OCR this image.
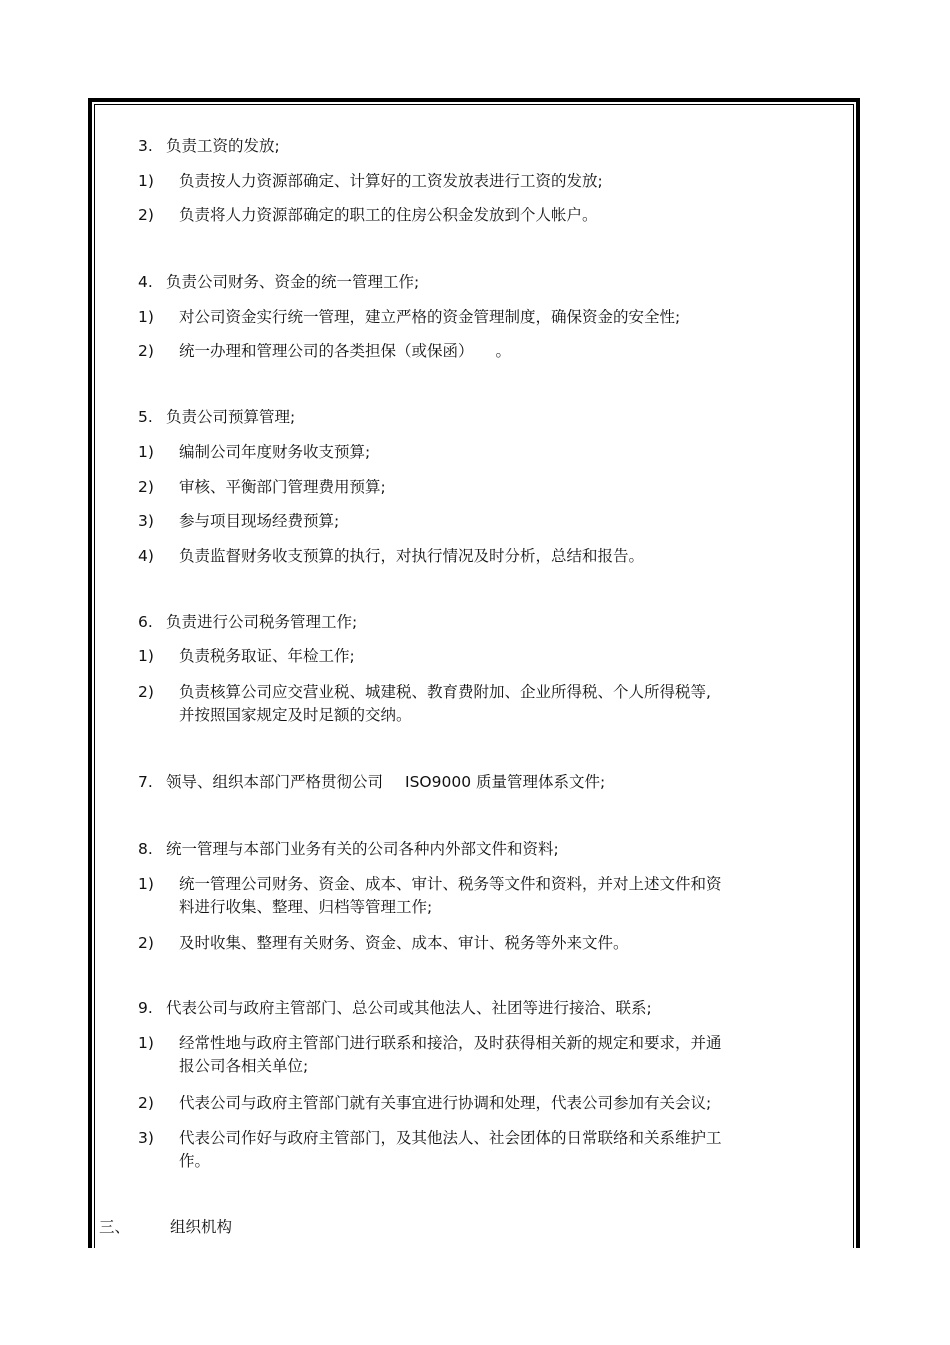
3. 负责工资的发放;
1) 负责按人力资源部确定、计算好的工资发放表进行工资的发放;
2) 负责将人力资源部确定的职工的住房公积金发放到个人帐户。
4. 负责公司财务、资金的统一管理工作;
1) 对公司资金实行统一管理，建立严格的资金管理制度，确保资金的安全性;
2) 统一办理和管理公司的各类担保（或保函） 。
5. 负责公司预算管理;
1) 编制公司年度财务收支预算;
2) 审核、平衡部门管理费用预算;
3) 参与项目现场经费预算;
4) 负责监督财务收支预算的执行，对执行情况及时分析，总结和报告。
6. 负责进行公司税务管理工作;
1) 负责税务取证、年检工作;
2) 负责核算公司应交营业税、城建税、教育费附加、企业所得税、个人所得税等,
并按照国家规定及时足额的交纳。
7. 领导、组织本部门严格贯彻公司 ISO9000 质量管理体系文件;
8. 统一管理与本部门业务有关的公司各种内外部文件和资料;
1) 统一管理公司财务、资金、成本、审计、税务等文件和资料，并对上述文件和资
料进行收集、整理、归档等管理工作;
2) 及时收集、整理有关财务、资金、成本、审计、税务等外来文件。
9. 代表公司与政府主管部门、总公司或其他法人、社团等进行接洽、联系;
1) 经常性地与政府主管部门进行联系和接洽，及时获得相关新的规定和要求，并通
报公司各相关单位;
2) 代表公司与政府主管部门就有关事宜进行协调和处理，代表公司参加有关会议;
3) 代表公司作好与政府主管部门，及其他法人、社会团体的日常联络和关系维护工
作。
三、	组织机构
